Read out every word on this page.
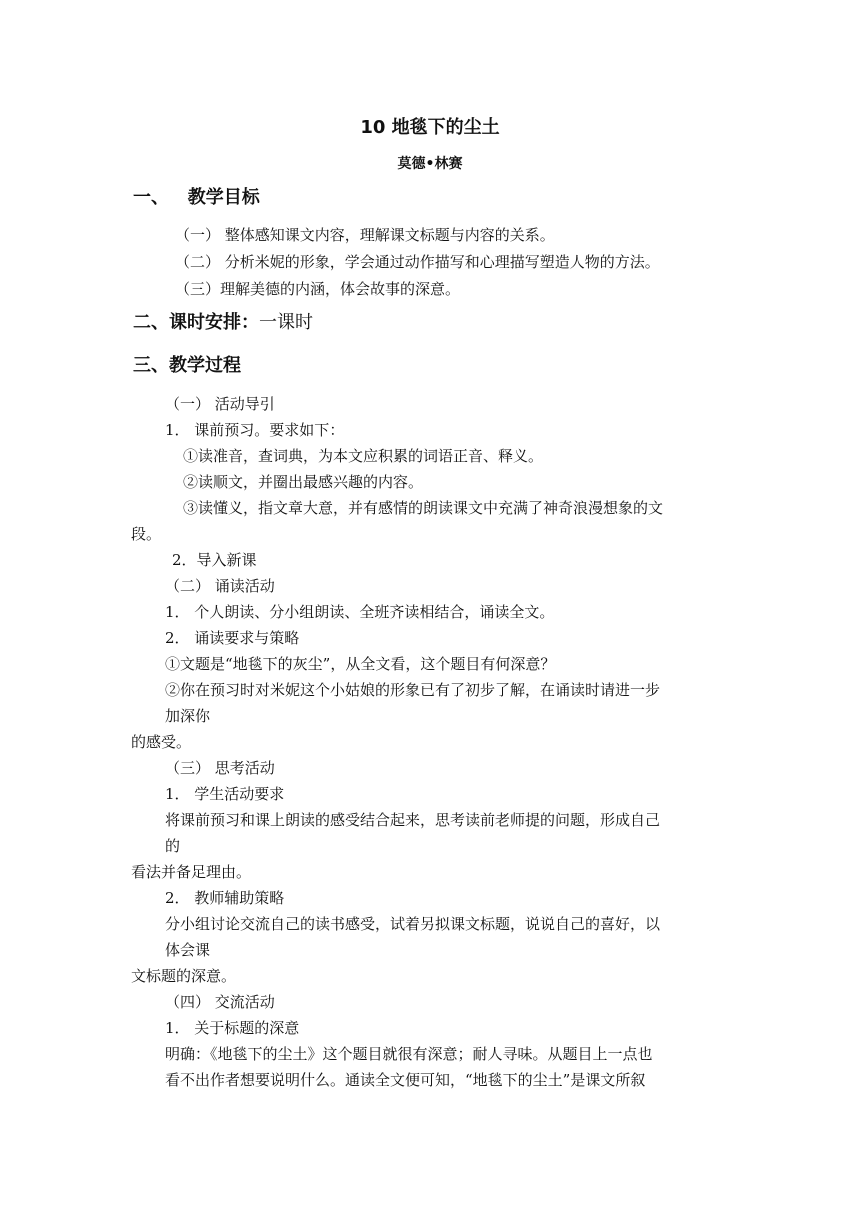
10 地毯下的尘土
莫德•林赛
一、   教学目标
（一） 整体感知课文内容，理解课文标题与内容的关系。
（二） 分析米妮的形象，学会通过动作描写和心理描写塑造人物的方法。
（三）理解美德的内涵，体会故事的深意。
二、课时安排：一课时
三、教学过程
（一） 活动导引
1． 课前预习。要求如下：
①读准音，查词典，为本文应积累的词语正音、释义。
②读顺文，并圈出最感兴趣的内容。
③读懂义，指文章大意，并有感情的朗读课文中充满了神奇浪漫想象的文
段。
2．导入新课
（二） 诵读活动
1． 个人朗读、分小组朗读、全班齐读相结合，诵读全文。
2． 诵读要求与策略
①文题是“地毯下的灰尘”，从全文看，这个题目有何深意？
②你在预习时对米妮这个小姑娘的形象已有了初步了解，在诵读时请进一步
加深你
的感受。
（三） 思考活动
1． 学生活动要求
将课前预习和课上朗读的感受结合起来，思考读前老师提的问题，形成自己
的
看法并备足理由。
2． 教师辅助策略
分小组讨论交流自己的读书感受，试着另拟课文标题，说说自己的喜好，以
体会课
文标题的深意。
（四） 交流活动
1． 关于标题的深意
明确：《地毯下的尘土》这个题目就很有深意；耐人寻味。从题目上一点也
看不出作者想要说明什么。通读全文便可知，“地毯下的尘土”是课文所叙
